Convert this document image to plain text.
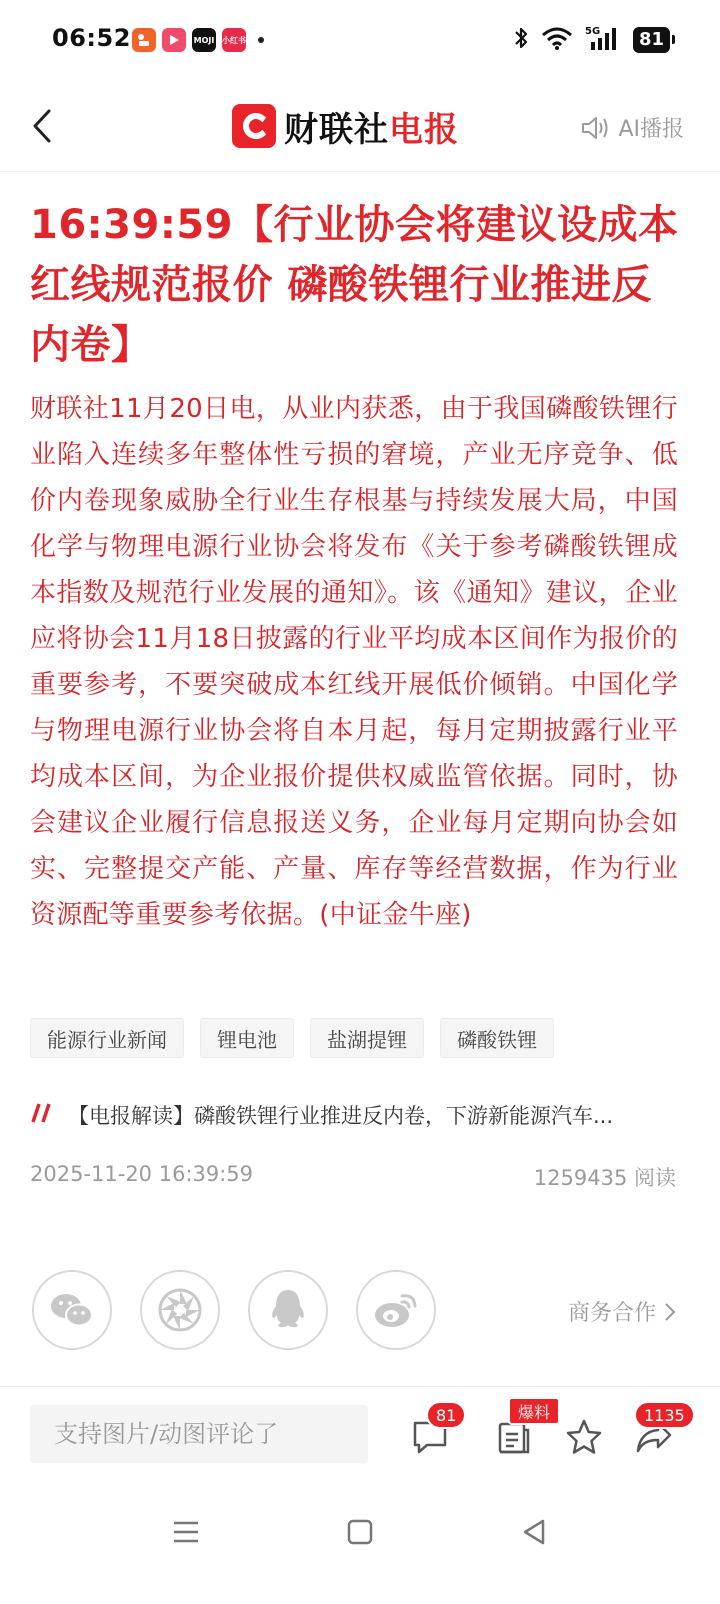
06:52	MOJI 小红书
5G	81
财联社电报	AI播报
16:39:59【行业协会将建议设成本红线规范报价 磷酸铁锂行业推进反内卷】
财联社11月20日电，从业内获悉，由于我国磷酸铁锂行业陷入连续多年整体性亏损的窘境，产业无序竞争、低价内卷现象威胁全行业生存根基与持续发展大局，中国化学与物理电源行业协会将发布《关于参考磷酸铁锂成本指数及规范行业发展的通知》。该《通知》建议，企业应将协会11月18日披露的行业平均成本区间作为报价的重要参考，不要突破成本红线开展低价倾销。中国化学与物理电源行业协会将自本月起，每月定期披露行业平均成本区间，为企业报价提供权威监管依据。同时，协会建议企业履行信息报送义务，企业每月定期向协会如实、完整提交产能、产量、库存等经营数据，作为行业资源配等重要参考依据。(中证金牛座)
能源行业新闻	锂电池	盐湖提锂	磷酸铁锂
【电报解读】磷酸铁锂行业推进反内卷，下游新能源汽车...
2025-11-20 16:39:59	1259435 阅读
商务合作
支持图片/动图评论了
81	爆料	1135
